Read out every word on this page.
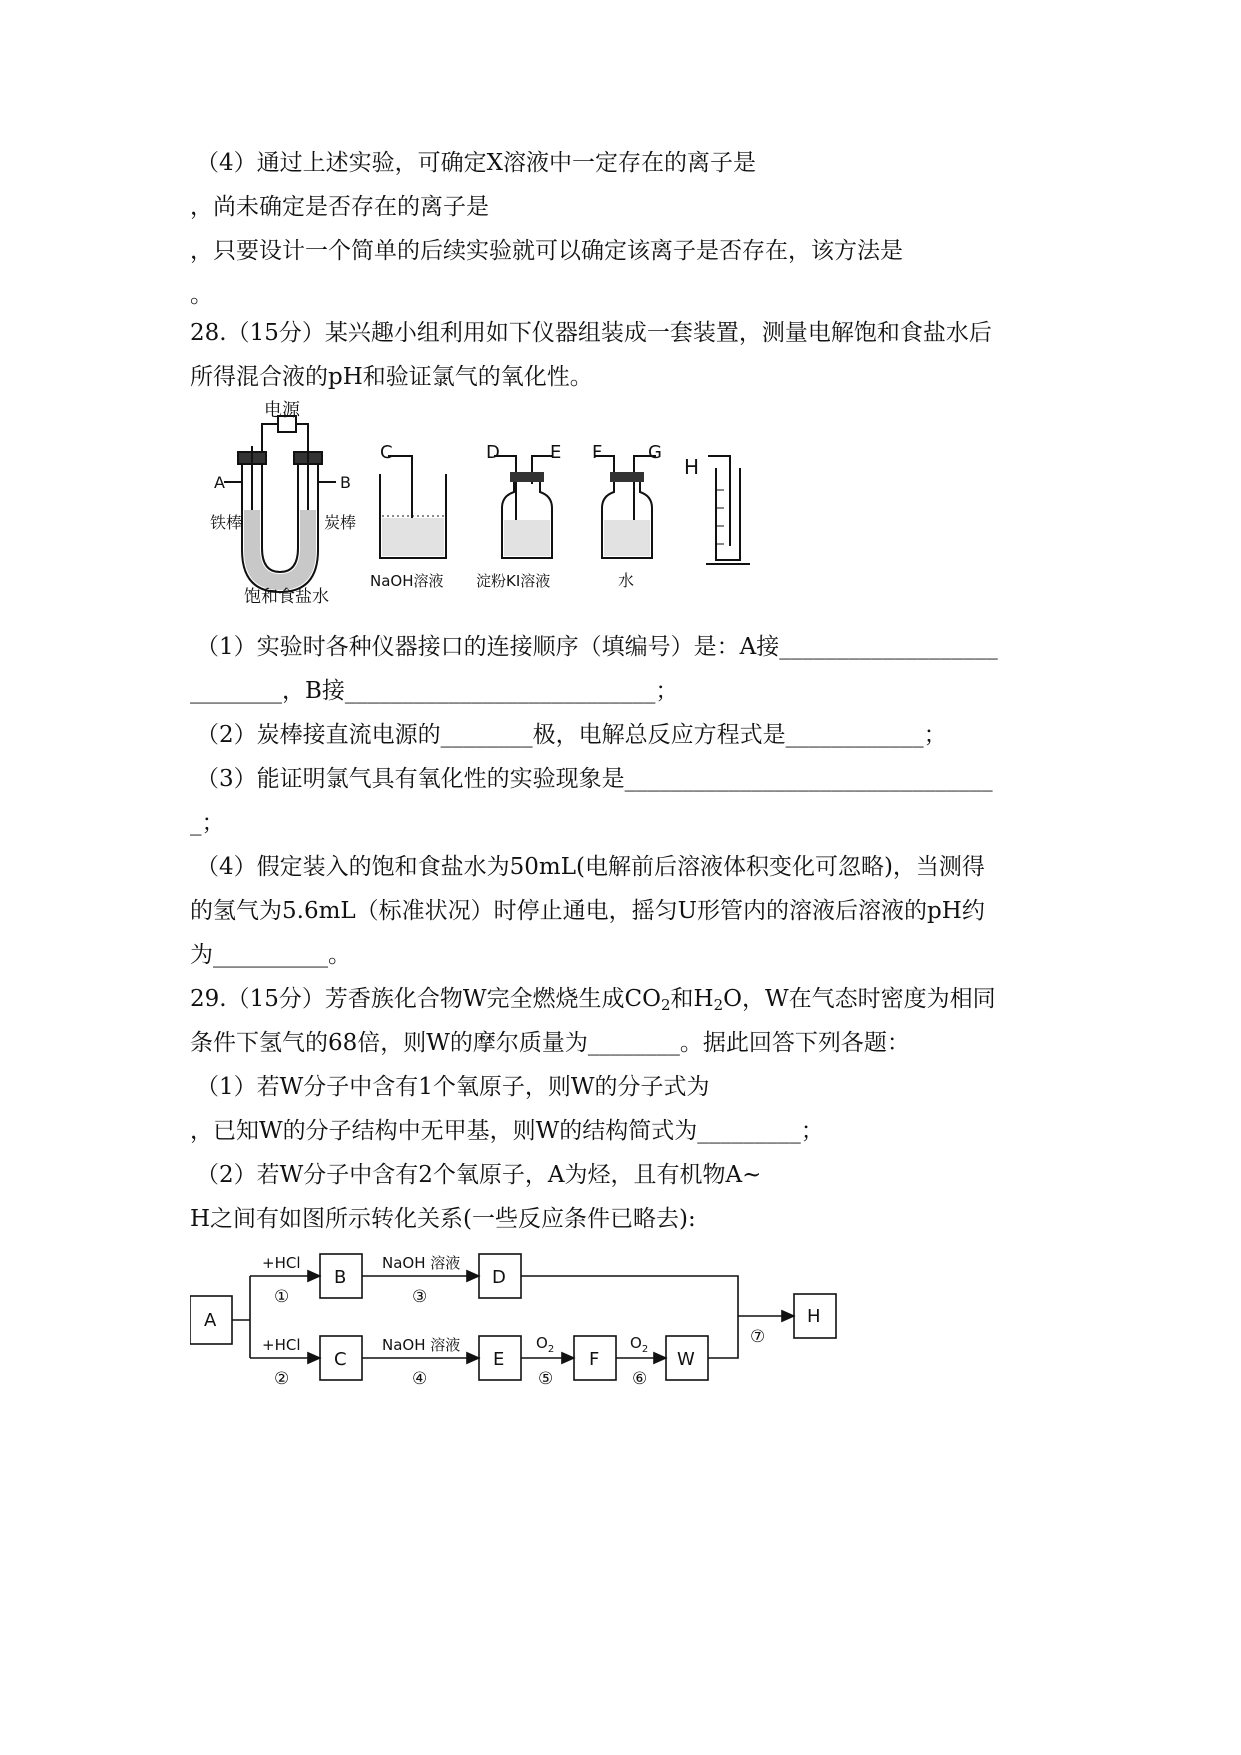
（4）通过上述实验，可确定X溶液中一定存在的离子是
，尚未确定是否存在的离子是
，只要设计一个简单的后续实验就可以确定该离子是否存在，该方法是
。
28.（15分）某兴趣小组利用如下仪器组装成一套装置，测量电解饱和食盐水后
所得混合液的pH和验证氯气的氧化性。
电源
A	B
铁棒	炭棒
饱和食盐水
C
NaOH溶液
D	E
淀粉KI溶液
F	G
水
H
（1）实验时各种仪器接口的连接顺序（填编号）是：A接___________________
________，B接___________________________；
（2）炭棒接直流电源的________极，电解总反应方程式是____________；
（3）能证明氯气具有氧化性的实验现象是________________________________
_；
（4）假定装入的饱和食盐水为50mL(电解前后溶液体积变化可忽略)，当测得
的氢气为5.6mL（标准状况）时停止通电，摇匀U形管内的溶液后溶液的pH约
为__________。
29.（15分）芳香族化合物W完全燃烧生成$CO_2$和$H_2O$，W在气态时密度为相同
条件下氢气的68倍，则W的摩尔质量为________。据此回答下列各题：
（1）若W分子中含有1个氧原子，则W的分子式为
，已知W的分子结构中无甲基，则W的结构简式为_________；
（2）若W分子中含有2个氧原子，A为烃，且有机物A~
H之间有如图所示转化关系(一些反应条件已略去):
A
B
C
D
E	F	W
H
+HCl
+HCl
①
②
NaOH 溶液
NaOH 溶液
③
④
$O_2$
⑤
$O_2$
⑥
⑦
